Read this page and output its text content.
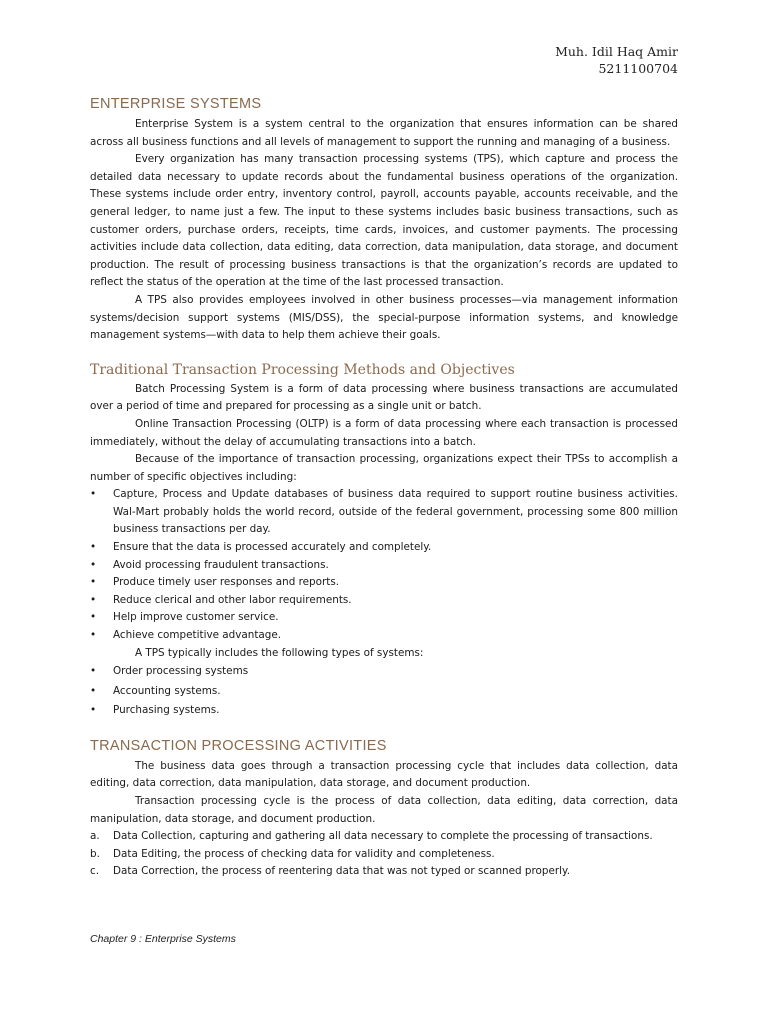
Muh. Idil Haq Amir
5211100704
ENTERPRISE SYSTEMS

Enterprise System is a system central to the organization that ensures information can be shared across all business functions and all levels of management to support the running and managing of a business.

Every organization has many transaction processing systems (TPS), which capture and process the detailed data necessary to update records about the fundamental business operations of the organization. These systems include order entry, inventory control, payroll, accounts payable, accounts receivable, and the general ledger, to name just a few. The input to these systems includes basic business transactions, such as customer orders, purchase orders, receipts, time cards, invoices, and customer payments. The processing activities include data collection, data editing, data correction, data manipulation, data storage, and document production. The result of processing business transactions is that the organization’s records are updated to reflect the status of the operation at the time of the last processed transaction.

A TPS also provides employees involved in other business processes—via management information systems/decision support systems (MIS/DSS), the special-purpose information systems, and knowledge management systems—with data to help them achieve their goals.

Traditional Transaction Processing Methods and Objectives

Batch Processing System is a form of data processing where business transactions are accumulated over a period of time and prepared for processing as a single unit or batch.

Online Transaction Processing (OLTP) is a form of data processing where each transaction is processed immediately, without the delay of accumulating transactions into a batch.

Because of the importance of transaction processing, organizations expect their TPSs to accomplish a number of specific objectives including:

• Capture, Process and Update databases of business data required to support routine business activities. Wal-Mart probably holds the world record, outside of the federal government, processing some 800 million business transactions per day.
• Ensure that the data is processed accurately and completely.
• Avoid processing fraudulent transactions.
• Produce timely user responses and reports.
• Reduce clerical and other labor requirements.
• Help improve customer service.
• Achieve competitive advantage.

A TPS typically includes the following types of systems:

• Order processing systems
• Accounting systems.
• Purchasing systems.
TRANSACTION PROCESSING ACTIVITIES

The business data goes through a transaction processing cycle that includes data collection, data editing, data correction, data manipulation, data storage, and document production.

Transaction processing cycle is the process of data collection, data editing, data correction, data manipulation, data storage, and document production.

a. Data Collection, capturing and gathering all data necessary to complete the processing of transactions.
b. Data Editing, the process of checking data for validity and completeness.
c. Data Correction, the process of reentering data that was not typed or scanned properly.
Chapter 9 : Enterprise Systems
